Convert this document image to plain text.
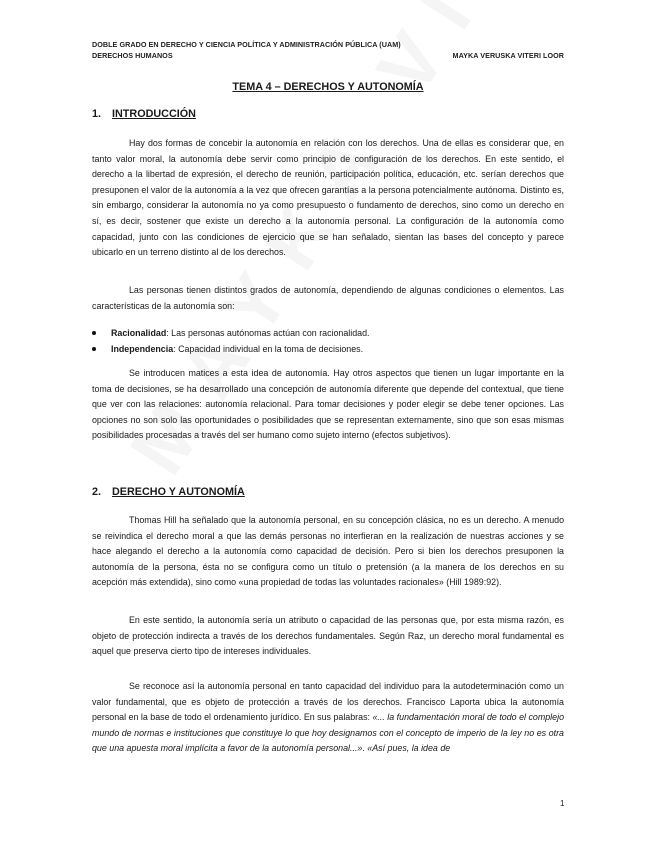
DOBLE GRADO EN DERECHO Y CIENCIA POLÍTICA Y ADMINISTRACIÓN PÚBLICA (UAM)
DERECHOS HUMANOS	MAYKA VERUSKA VITERI LOOR
TEMA 4 – DERECHOS Y AUTONOMÍA
1. INTRODUCCIÓN

Hay dos formas de concebir la autonomía en relación con los derechos. Una de ellas es considerar que, en tanto valor moral, la autonomía debe servir como principio de configuración de los derechos. En este sentido, el derecho a la libertad de expresión, el derecho de reunión, participación política, educación, etc. serían derechos que presuponen el valor de la autonomía a la vez que ofrecen garantías a la persona potencialmente autónoma. Distinto es, sin embargo, considerar la autonomía no ya como presupuesto o fundamento de derechos, sino como un derecho en sí, es decir, sostener que existe un derecho a la autonomía personal. La configuración de la autonomía como capacidad, junto con las condiciones de ejercicio que se han señalado, sientan las bases del concepto y parece ubicarlo en un terreno distinto al de los derechos.

Las personas tienen distintos grados de autonomía, dependiendo de algunas condiciones o elementos. Las características de la autonomía son:

Racionalidad: Las personas autónomas actúan con racionalidad.
Independencia: Capacidad individual en la toma de decisiones.

Se introducen matices a esta idea de autonomía. Hay otros aspectos que tienen un lugar importante en la toma de decisiones, se ha desarrollado una concepción de autonomía diferente que depende del contextual, que tiene que ver con las relaciones: autonomía relacional. Para tomar decisiones y poder elegir se debe tener opciones. Las opciones no son solo las oportunidades o posibilidades que se representan externamente, sino que son esas mismas posibilidades procesadas a través del ser humano como sujeto interno (efectos subjetivos).

2. DERECHO Y AUTONOMÍA

Thomas Hill ha señalado que la autonomía personal, en su concepción clásica, no es un derecho. A menudo se reivindica el derecho moral a que las demás personas no interfieran en la realización de nuestras acciones y se hace alegando el derecho a la autonomía como capacidad de decisión. Pero si bien los derechos presuponen la autonomía de la persona, ésta no se configura como un título o pretensión (a la manera de los derechos en su acepción más extendida), sino como «una propiedad de todas las voluntades racionales» (Hill 1989:92).

En este sentido, la autonomía sería un atributo o capacidad de las personas que, por esta misma razón, es objeto de protección indirecta a través de los derechos fundamentales. Según Raz, un derecho moral fundamental es aquel que preserva cierto tipo de intereses individuales.

Se reconoce así la autonomía personal en tanto capacidad del individuo para la autodeterminación como un valor fundamental, que es objeto de protección a través de los derechos. Francisco Laporta ubica la autonomía personal en la base de todo el ordenamiento jurídico. En sus palabras: «... la fundamentación moral de todo el complejo mundo de normas e instituciones que constituye lo que hoy designamos con el concepto de imperio de la ley no es otra que una apuesta moral implícita a favor de la autonomía personal...». «Así pues, la idea de

1
